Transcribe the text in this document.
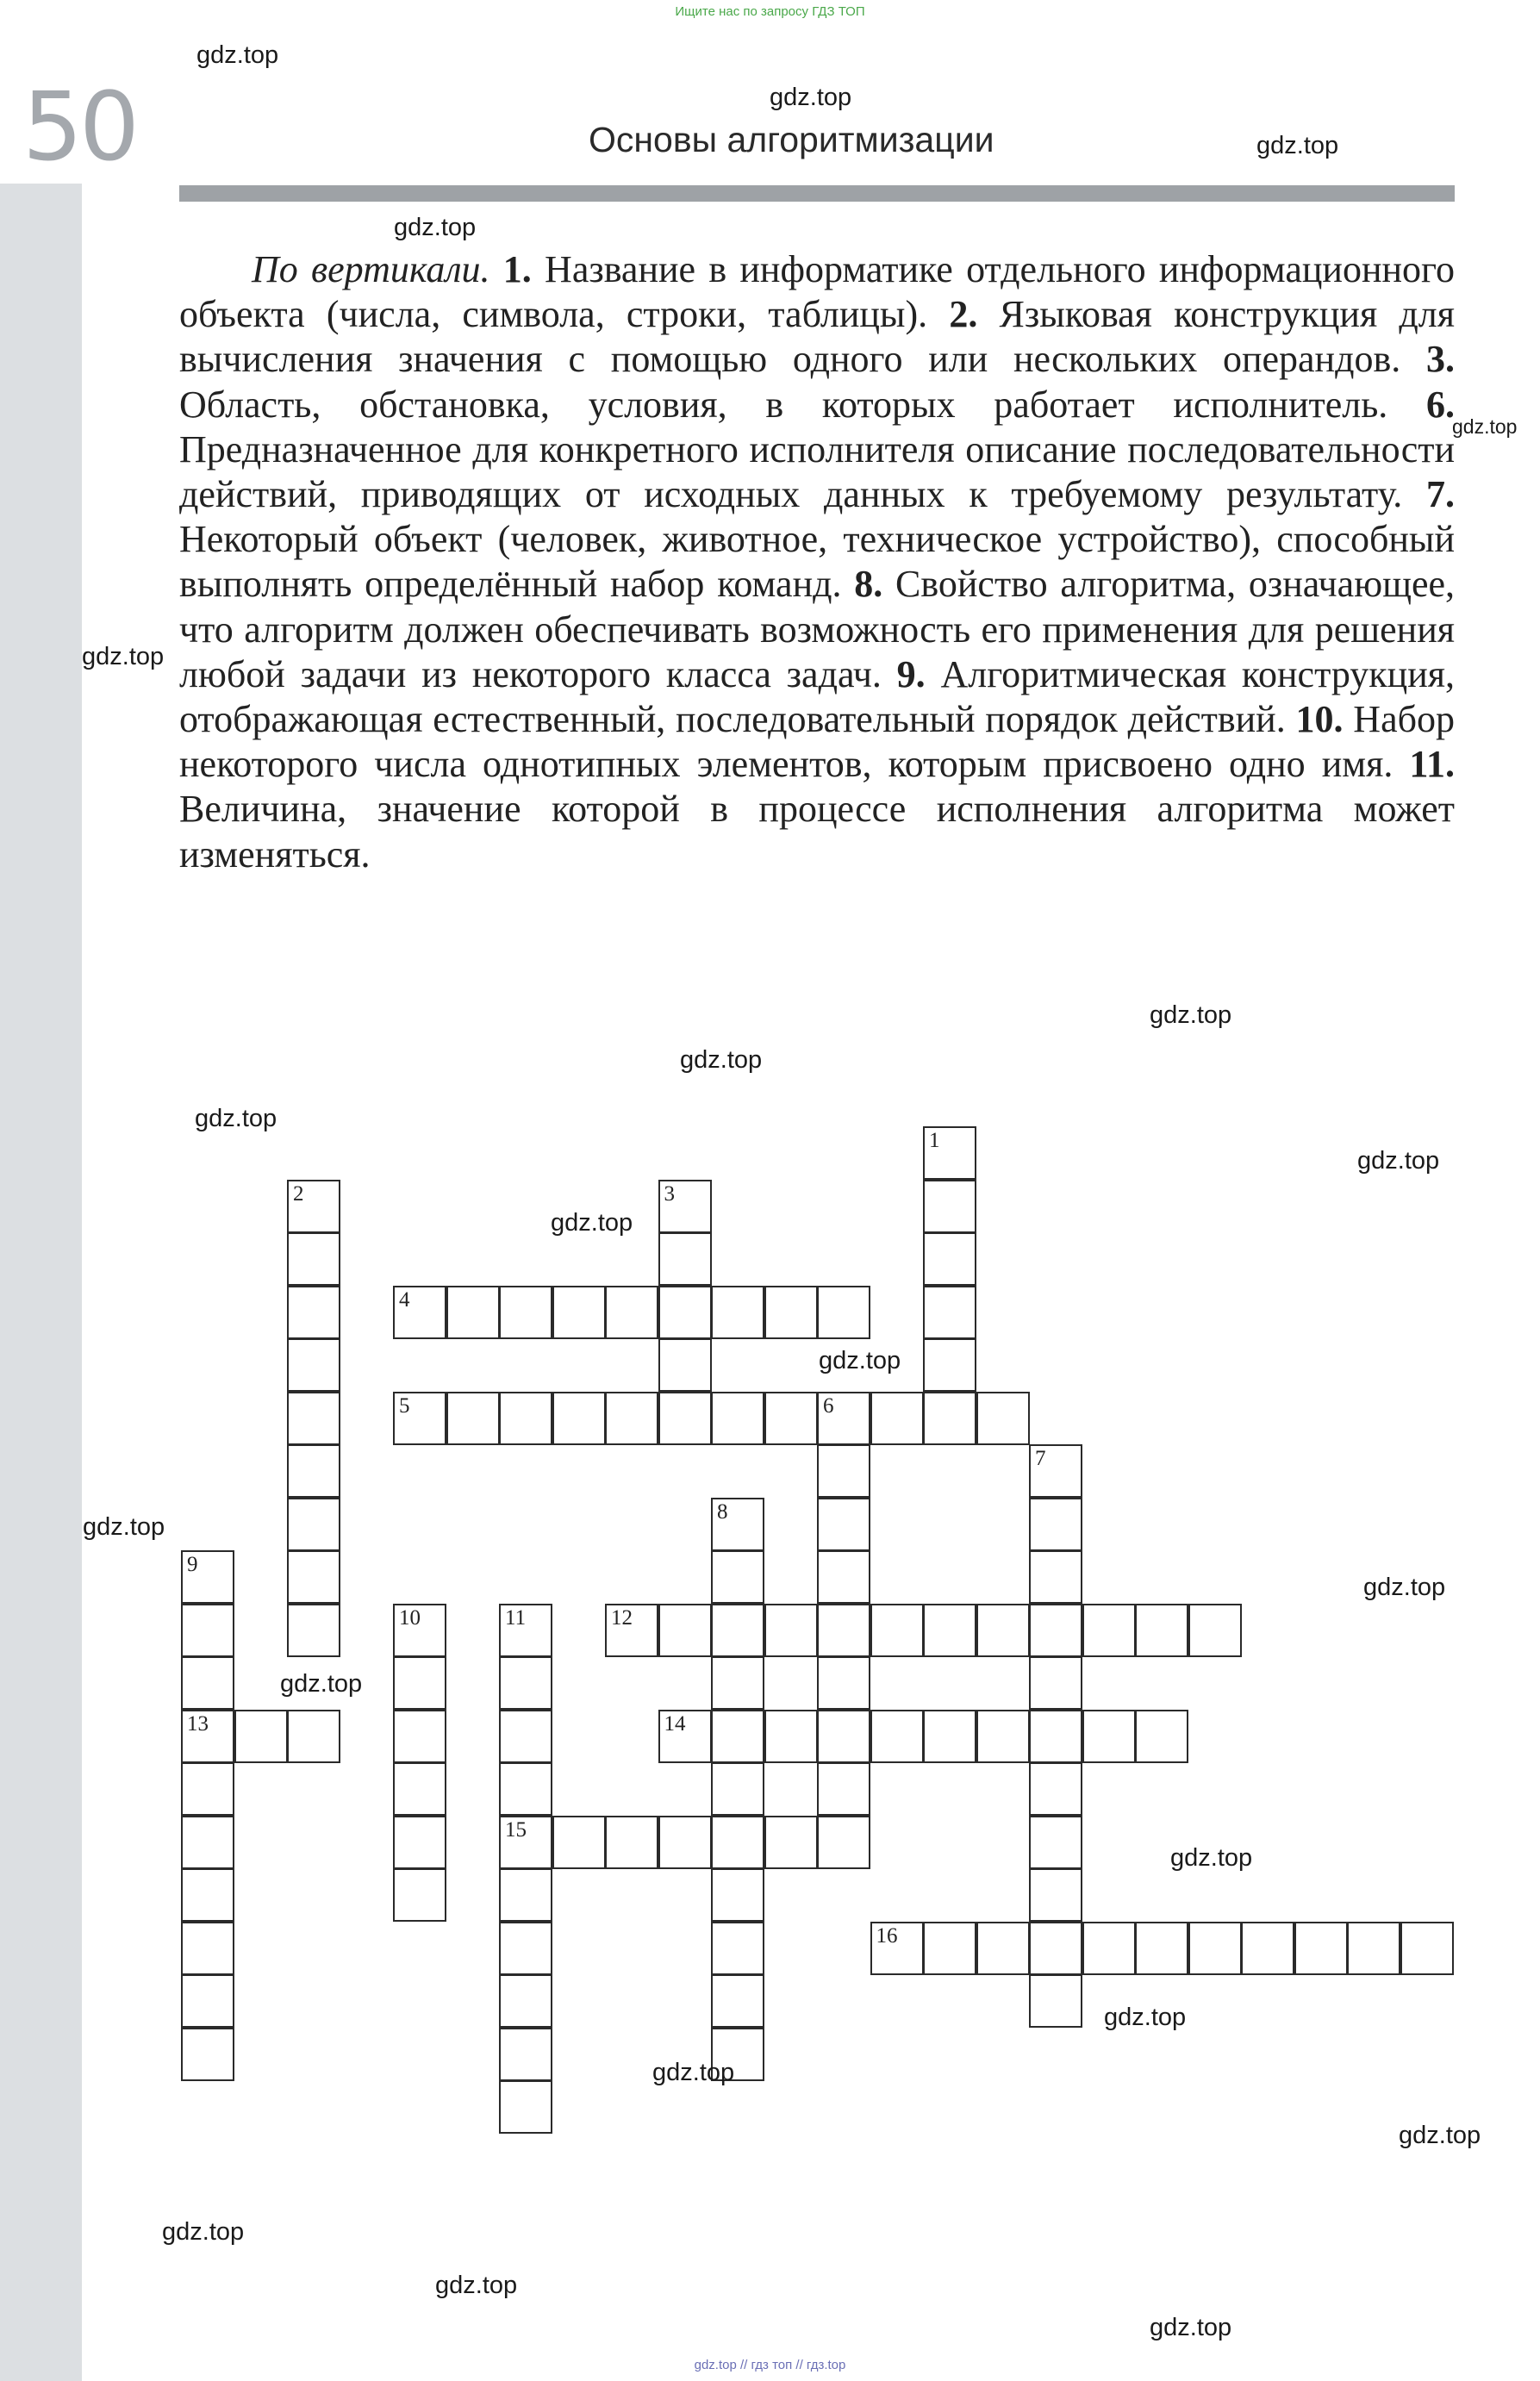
Ищите нас по запросу ГДЗ ТОП
50	Основы алгоритмизации

По вертикали. 1. Название в информатике отдельного информационного объекта (числа, символа, строки, таблицы). 2. Языковая конструкция для вычисления значения с помощью одного или нескольких операндов. 3. Область, обстановка, условия, в которых работает исполнитель. 6. Предназначенное для конкретного исполнителя описание последовательности действий, приводящих от исходных данных к требуемому результату. 7. Некоторый объект (человек, животное, техническое устройство), способный выполнять определённый набор команд. 8. Свойство алгоритма, означающее, что алгоритм должен обеспечивать возможность его применения для решения любой задачи из некоторого класса задач. 9. Алгоритмическая конструкция, отображающая естественный, последовательный порядок действий. 10. Набор некоторого числа однотипных элементов, которым присвоено одно имя. 11. Величина, значение которой в процессе исполнения алгоритма может изменяться.

1
2	3
4
5	6
7
8
9
13
10	11
15
12
14
16
gdz.top
gdz.top
gdz.top
gdz.top
gdz.top
gdz.top
gdz.top
gdz.top
gdz.top
gdz.top
gdz.top
gdz.top
gdz.top
gdz.top
gdz.top
gdz.top
gdz.top
gdz.top
gdz.top
gdz.top
gdz.top
gdz.top
gdz.top // гдз топ // гдз.top
